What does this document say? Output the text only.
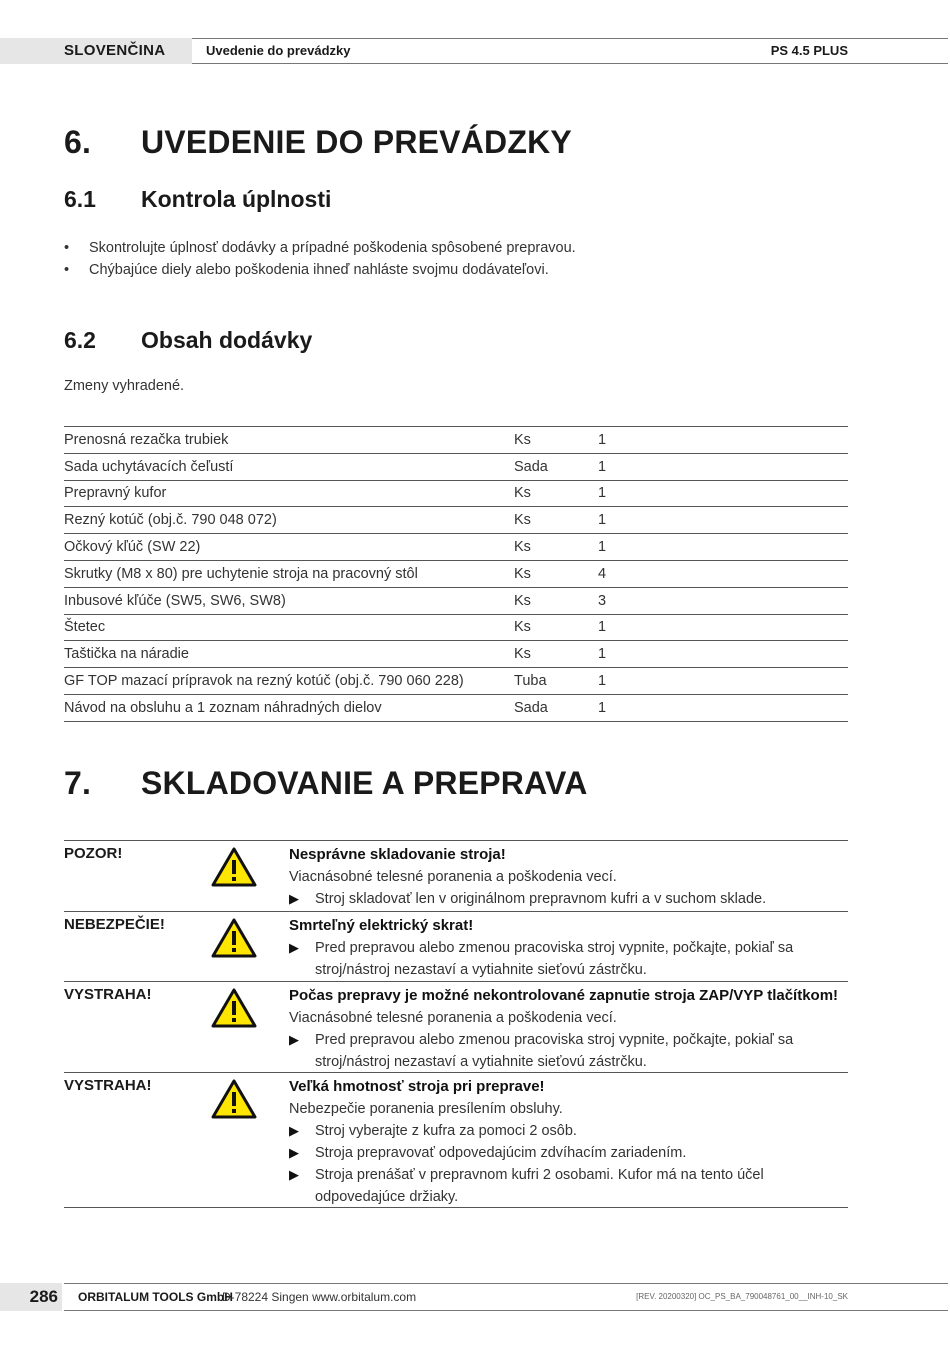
SLOVENČINA	Uvedenie do prevádzky	PS 4.5 PLUS
6. UVEDENIE DO PREVÁDZKY
6.1 Kontrola úplnosti
• Skontrolujte úplnosť dodávky a prípadné poškodenia spôsobené prepravou.
• Chýbajúce diely alebo poškodenia ihneď nahláste svojmu dodávateľovi.
6.2 Obsah dodávky
Zmeny vyhradené.
Prenosná rezačka trubiek	Ks	1
Sada uchytávacích čeľustí	Sada	1
Prepravný kufor	Ks	1
Rezný kotúč (obj.č. 790 048 072)	Ks	1
Očkový kľúč (SW 22)	Ks	1
Skrutky (M8 x 80) pre uchytenie stroja na pracovný stôl	Ks	4
Inbusové kľúče (SW5, SW6, SW8)	Ks	3
Štetec	Ks	1
Taštička na náradie	Ks	1
GF TOP mazací prípravok na rezný kotúč (obj.č. 790 060 228)	Tuba	1
Návod na obsluhu a 1 zoznam náhradných dielov	Sada	1
7. SKLADOVANIE A PREPRAVA
POZOR!	Nesprávne skladovanie stroja!
Viacnásobné telesné poranenia a poškodenia vecí.
▶ Stroj skladovať len v originálnom prepravnom kufri a v suchom sklade.
NEBEZPEČIE!	Smrteľný elektrický skrat!
▶ Pred prepravou alebo zmenou pracoviska stroj vypnite, počkajte, pokiaľ sa stroj/nástroj nezastaví a vytiahnite sieťovú zástrčku.
VYSTRAHA!	Počas prepravy je možné nekontrolované zapnutie stroja ZAP/VYP tlačítkom!
Viacnásobné telesné poranenia a poškodenia vecí.
▶ Pred prepravou alebo zmenou pracoviska stroj vypnite, počkajte, pokiaľ sa stroj/nástroj nezastaví a vytiahnite sieťovú zástrčku.
VYSTRAHA!	Veľká hmotnosť stroja pri preprave!
Nebezpečie poranenia presílením obsluhy.
▶ Stroj vyberajte z kufra za pomoci 2 osôb.
▶ Stroja prepravovať odpovedajúcim zdvíhacím zariadením.
▶ Stroja prenášať v prepravnom kufri 2 osobami. Kufor má na tento účel odpovedajúce držiaky.
286	ORBITALUM TOOLS GmbH
D-78224 Singen www.orbitalum.com	[REV. 20200320] OC_PS_BA_790048761_00__INH-10_SK
